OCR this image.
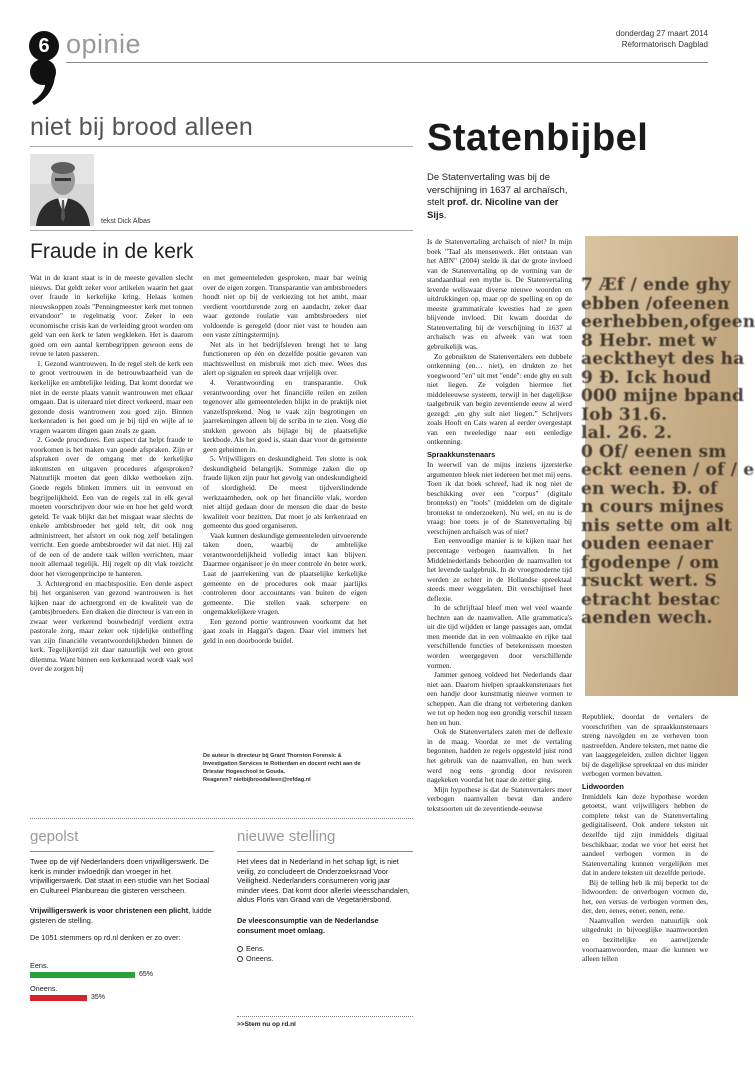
6 opinie	donderdag 27 maart 2014
Reformatorisch Dagblad
niet bij brood alleen
tekst Dick Albas
Fraude in de kerk

Wat in de krant staat is in de meeste gevallen slecht nieuws. Dat geldt zeker voor artikelen waarin het gaat over fraude in kerkelijke kring. Helaas komen nieuwskoppen zoals "Penningmeester kerk met tonnen ervandoor" te regelmatig voor. Zeker in een economische crisis kan de verleiding groot worden om geld van een kerk te laten wegkleken. Het is daarom goed om een aantal kernbegrippen gewoon eens de revue te laten passeren.

1. Gezond wantrouwen. In de regel stelt de kerk een te groot vertrouwen in de betrouwbaarheid van de kerkelijke en ambtelijke leiding. Dat komt doordat we niet in de eerste plaats vanuit wantrouwen met elkaar omgaan. Dat is uiteraard niet direct verkeerd, maar een gezonde dosis wantrouwen zou goed zijn. Binnen kerkenraden is het goed om je bij tijd en wijle af te vragen waarom dingen gaan zoals ze gaan.

2. Goede procedures. Een aspect dat helpt fraude te voorkomen is het maken van goede afspraken. Zijn er afspraken over de omgang met de kerkelijke inkomsten en uitgaven procedures afgesproken? Natuurlijk moeten dat geen dikke wetboeken zijn. Goede regels blinken immers uit in eenvoud en begrijpelijkheid. Een van de regels zal in elk geval moeten voorschrijven door wie en hoe het geld wordt geteld. Te vaak blijkt dat het misgaat waar slechts de enkele ambtsbroeder het geld telt, dit ook nog administreert, het afstort en ook nog zelf betalingen verricht. Een goede ambtsbroeder wil dat niet. Hij zal of de een of de andere taak willen verrichten, maar nooit allemaal tegelijk. Hij regelt op dit vlak toezicht door het vierogenprincipe te hanteren.

3. Achtergrond en machtspositie. Een derde aspect bij het organiseren van gezond wantrouwen is het kijken naar de achtergrond en de kwaliteit van de (ambts)broeders. Een diaken die directeur is van een in zwaar weer verkerend bouwbedrijf verdient extra pastorale zorg, maar zeker ook tijdelijke ontheffing van zijn financiële verantwoordelijkheden binnen de kerk. Tegelijkertijd zit daar natuurlijk wel een grout dilemma. Want binnen een kerkenraad wordt vaak wel over de zorgen bij

en met gemeenteleden gesproken, maar bar weinig over de eigen zorgen. Transparantie van ambtsbroeders houdt niet op bij de verkiezing tot het ambt, maar verdient voortdurende zorg en aandacht, zeker daar waar gezonde roulatie van ambtsbroeders niet voldoende is geregeld (door niet vast te houden aan een vaste zittingstermijn).

Net als in het bedrijfsleven brengt het te lang functioneren op één en dezelfde positie gevaren van machtswellust en misbruik met zich mee. Wees dus alert op signalen en spreek daar vrijelijk over.

4. Verantwoording en transparantie. Ook verantwoording over het financiële reilen en zeilen tegenover alle gemeenteleden blijkt in de praktijk niet vanzelfsprekend. Nog te vaak zijn begrotingen en jaarrekeningen alleen bij de scriba in te zien. Voeg die stukken gewoon als bijlage bij de plaatselijke kerkbode. Als het goed is, staan daar voor de gemeente geen geheimen in.

5. Vrijwilligers en deskundigheid. Ten slotte is ook deskundigheid belangrijk. Sommige zaken die op fraude lijken zijn puur het gevolg van ondeskundigheid of slordigheid. De meest tijdverslindende werkzaamheden, ook op het financiële vlak, worden niet altijd gedaan door de mensen die daar de beste kwaliteit voor bezitten. Dat moet je als kerkenraad en gemeente dus goed organiseren.

Vaak kunnen deskundige gemeenteleden uitvoerende taken doen, waarbij de ambtelijke verantwoordelijkheid volledig intact kan blijven. Daarmee organiseer je én meer controle én beter werk. Laat de jaarrekening van de plaatselijke kerkelijke gemeente en de procedures ook maar jaarlijks controleren door accountants van buiten de eigen gemeente. Die stellen vaak scherpere en ongemakkelijkere vragen.

Een gezond portie wantrouwen voorkomt dat het gaat zoals in Haggaï's dagen. Daar viel immers het geld in een doorboorde buidel.

De auteur is directeur bij Grant Thornton Forensic & Investigation Services te Rotterdam en docent recht aan de Driestar Hogeschool te Gouda.
Reageren? nietbijbroodalleen@refdag.nl
gepolst
Twee op de vijf Nederlanders doen vrijwilligerswerk. De kerk is minder invloedrijk dan vroeger in het vrijwilligerswerk. Dat staat in een studie van het Sociaal en Cultureel Planbureau die gisteren verscheen.
Vrijwilligerswerk is voor christenen een plicht, luidde gisteren de stelling.
De 1051 stemmers op rd.nl denken er zo over:
Eens.
65%
Oneens.
35%
nieuwe stelling
Het vlees dat in Nederland in het schap ligt, is niet veilig, zo concludeert de Onderzoeksraad Voor Veiligheid. Nederlanders consumeren vorig jaar minder vlees. Dat komt door allerlei vleesschandalen, aldus Floris van Graad van de Vegetariërsbond.
De vleesconsumptie van de Nederlandse consument moet omlaag.
Eens.
Oneens.
>>Stem nu op rd.nl
Statenbijbel
De Statenvertaling was bij de verschijning in 1637 al archaïsch, stelt prof. dr. Nicoline van der Sijs.
7 Æf / ende ghy
ebben /ofeenen
eerhebben,ofgeen
8 Hebr. met w
aecktheyt des ha
9 Ð. Ick houd
000 mijne bpand
Iob 31.6.
lal. 26. 2.
0 Of/ eenen sm
eckt eenen / of / e
en wech. Ð. of
n cours mijnes
nis sette om alt
ouden eenaer
fgodenpe / om
rsuckt wert. S
etracht bestac
aenden wech.

Is de Statenvertaling archaïsch of niet? In mijn boek "Taal als mensenwerk. Het ontstaan van het ABN" (2004) stelde ik dat de grote invloed van de Statenvertaling op de vorming van de standaardtaal een mythe is. De Statenvertaling leverde weliswaar diverse nieuwe woorden en uitdrukkingen op, maar op de spelling en op de meeste grammaticale kwesties had ze geen blijvende invloed. Dit kwam doordat de Statenvertaling bij de verschijning in 1637 al archaïsch was en afweek van wat toen gebruikelijk was.

Zo gebruikten de Statenvertalers een dubbele ontkenning (en… niet), en drukten ze het voegwoord "en" uit met "ende": ende ghy en sult niet liegen. Ze volgden hiermee het middeleeuwse systeem, terwijl in het dagelijkse taalgebruik van begin zeventiende eeuw al werd gezegd: „en ghy sult niet liegen.” Schrijvers zoals Hooft en Cats waren al eerder overgestapt van een tweeledige naar een eenledige ontkenning.

Spraakkunstenaars

In weerwil van de mijns inziens ijzersterke argumenten bleek niet iedereen het met mij eens. Toen ik dat boek schreef, had ik nog niet de beschikking over een "corpus" (digitale brontekst) en "tools" (middelen om de digitale brontekst te onderzoeken). Nu wel, en nu is de vraag: hoe toets je of de Statenvertaling bij verschijnen archaïsch was of niet?

Een eenvoudige manier is te kijken naar het percentage verbogen naamvallen. In het Middelnederlands behoorden de naamvallen tot het levende taalgebruik. In de vroegmoderne tijd werden ze echter in de Hollandse spreektaal steeds meer weggelaten. Dit verschijnsel heet deflexie.

In de schrijftaal bleef men wel veel waarde hechten aan de naamvallen. Alle grammatica's uit die tijd wijdden er lange passages aan, omdat men meende dat in een volmaakte en rijke taal verschillende functies of betekenissen moesten worden weergegeven door verschillende vormen.

Jammer genoeg voldeed het Nederlands daar niet aan. Daarom hielpen spraakkunstenaars het een handje door kunstmatig nieuwe vormen te scheppen. Aan die drang tot verbetering danken we tot op heden nog een grondig verschil tussen hen en hun.

Ook de Statenvertalers zaten met de deflexie in de maag. Voordat ze met de vertaling begonnen, hadden ze regels opgesteld juist rond het gebruik van de naamvallen, en hun werk werd nog eens grondig door revisoren nagekeken voordat het naar de zetter ging.

Mijn hypothese is dat de Statenvertalers meer verbogen naamvallen bevat dan andere tekstsoorten uit de zeventiende-eeuwse

Republiek, doordat de vertalers de voorschriften van de spraakkunstenaars streng navolgden en ze verheven toon nastreefden. Andere teksten, met name die van laaggegeleiden, zullen dichter liggen bij de dagelijkse spreektaal en dus minder verbogen vormen bevatten.

Lidwoorden

Inmiddels kan deze hypothese worden getoetst, want vrijwilligers hebben de complete tekst van de Statenvertaling gedigitaliseerd. Ook andere teksten uit dezelfde tijd zijn inmiddels digitaal beschikbaar, zodat we voor het eerst het aandeel verbogen vormen in de Statenvertaling kunnen vergelijken met dat in andere teksten uit dezelfde periode.

Bij de telling heb ik mij beperkt tot de lidwoorden: de onverbogen vormen de, het, een versus de verbogen vormen des, der, den, eenes, eener, eenen, eene.

Naamvallen werden natuurlijk ook uitgedrukt in bijvoeglijke naamwoorden en bezittelijke en aanwijzende voornaamwoorden, maar die kunnen we alleen tellen
